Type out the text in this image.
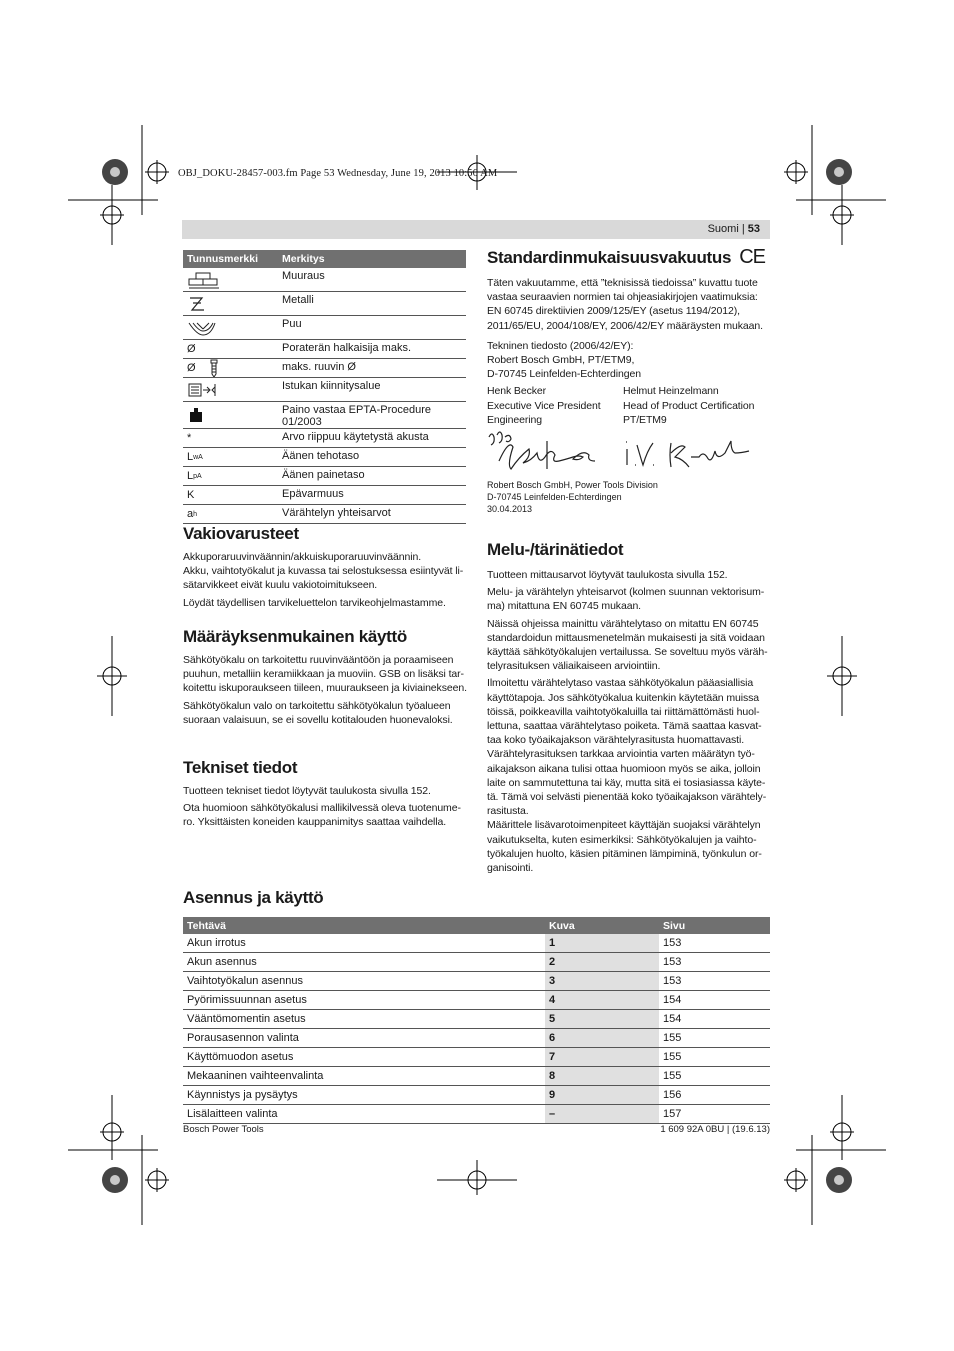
OBJ_DOKU-28457-003.fm Page 53 Wednesday, June 19, 2013 10:56 AM
Suomi | 53
Tunnusmerkki	Merkitys
Muuraus
Metalli
Puu
Ø	Poraterän halkaisija maks.
Ø	maks. ruuvin Ø
Istukan kiinnitysalue
Paino vastaa EPTA-Procedure 01/2003
*	Arvo riippuu käytetystä akusta
L wA	Äänen tehotaso
L pA	Äänen painetaso
K	Epävarmuus
a h	Värähtelyn yhteisarvot
Vakiovarusteet

Akkuporaruuvinväännin/akkuiskuporaruuvinväännin.

Akku, vaihtotyökalut ja kuvassa tai selostuksessa esiintyvät lisätarvikkeet eivät kuulu vakiotoimitukseen.

Löydät täydellisen tarvikeluettelon tarvikeohjelmastamme.

Määräyksenmukainen käyttö

Sähkötyökalu on tarkoitettu ruuvinvääntöön ja poraamiseen puuhun, metalliin keramiikkaan ja muoviin. GSB on lisäksi tarkoitettu iskuporaukseen tiileen, muuraukseen ja kiviainekseen.

Sähkötyökalun valo on tarkoitettu sähkötyökalun työalueen suoraan valaisuun, se ei sovellu kotitalouden huonevaloksi.

Tekniset tiedot

Tuotteen tekniset tiedot löytyvät taulukosta sivulla 152.

Ota huomioon sähkötyökalusi mallikilvessä oleva tuotenumero. Yksittäisten koneiden kauppanimitys saattaa vaihdella.

Standardinmukaisuusvakuutus CE

Täten vakuutamme, että ”teknisissä tiedoissa” kuvattu tuote vastaa seuraavien normien tai ohjeasiakirjojen vaatimuksia: EN 60745 direktiivien 2009/125/EY (asetus 1194/2012), 2011/65/EU, 2004/108/EY, 2006/42/EY määräysten mukaan.

Tekninen tiedosto (2006/42/EY):
Robert Bosch GmbH, PT/ETM9,
D-70745 Leinfelden-Echterdingen

Henk Becker
Executive Vice President
Engineering
Helmut Heinzelmann
Head of Product Certification
PT/ETM9
Robert Bosch GmbH, Power Tools Division
D-70745 Leinfelden-Echterdingen
30.04.2013
Melu-/tärinätiedot

Tuotteen mittausarvot löytyvät taulukosta sivulla 152.

Melu- ja värähtelyn yhteisarvot (kolmen suunnan vektorisumma) mitattuna EN 60745 mukaan.

Näissä ohjeissa mainittu värähtelytaso on mitattu EN 60745 standardoidun mittausmenetelmän mukaisesti ja sitä voidaan käyttää sähkötyökalujen vertailussa. Se soveltuu myös värähtelyrasituksen väliaikaiseen arviointiin.

Ilmoitettu värähtelytaso vastaa sähkötyökalun pääasiallisia käyttötapoja. Jos sähkötyökalua kuitenkin käytetään muissa töissä, poikkeavilla vaihtotyökaluilla tai riittämättömästi huollettuna, saattaa värähtelytaso poiketa. Tämä saattaa kasvattaa koko työaikajakson värähtelyrasitusta huomattavasti.

Värähtelyrasituksen tarkkaa arviointia varten määrätyn työaikajakson aikana tulisi ottaa huomioon myös se aika, jolloin laite on sammutettuna tai käy, mutta sitä ei tosiasiassa käytetä. Tämä voi selvästi pienentää koko työaikajakson värähtelyrasitusta.

Määrittele lisävarotoimenpiteet käyttäjän suojaksi värähtelyn vaikutukselta, kuten esimerkiksi: Sähkötyökalujen ja vaihtotyökalujen huolto, käsien pitäminen lämpiminä, työnkulun organisointi.

Asennus ja käyttö
Tehtävä	Kuva	Sivu
Akun irrotus	1	153
Akun asennus	2	153
Vaihtotyökalun asennus	3	153
Pyörimissuunnan asetus	4	154
Vääntömomentin asetus	5	154
Porausasennon valinta	6	155
Käyttömuodon asetus	7	155
Mekaaninen vaihteenvalinta	8	155
Käynnistys ja pysäytys	9	156
Lisälaitteen valinta	–	157
Bosch Power Tools	1 609 92A 0BU | (19.6.13)
